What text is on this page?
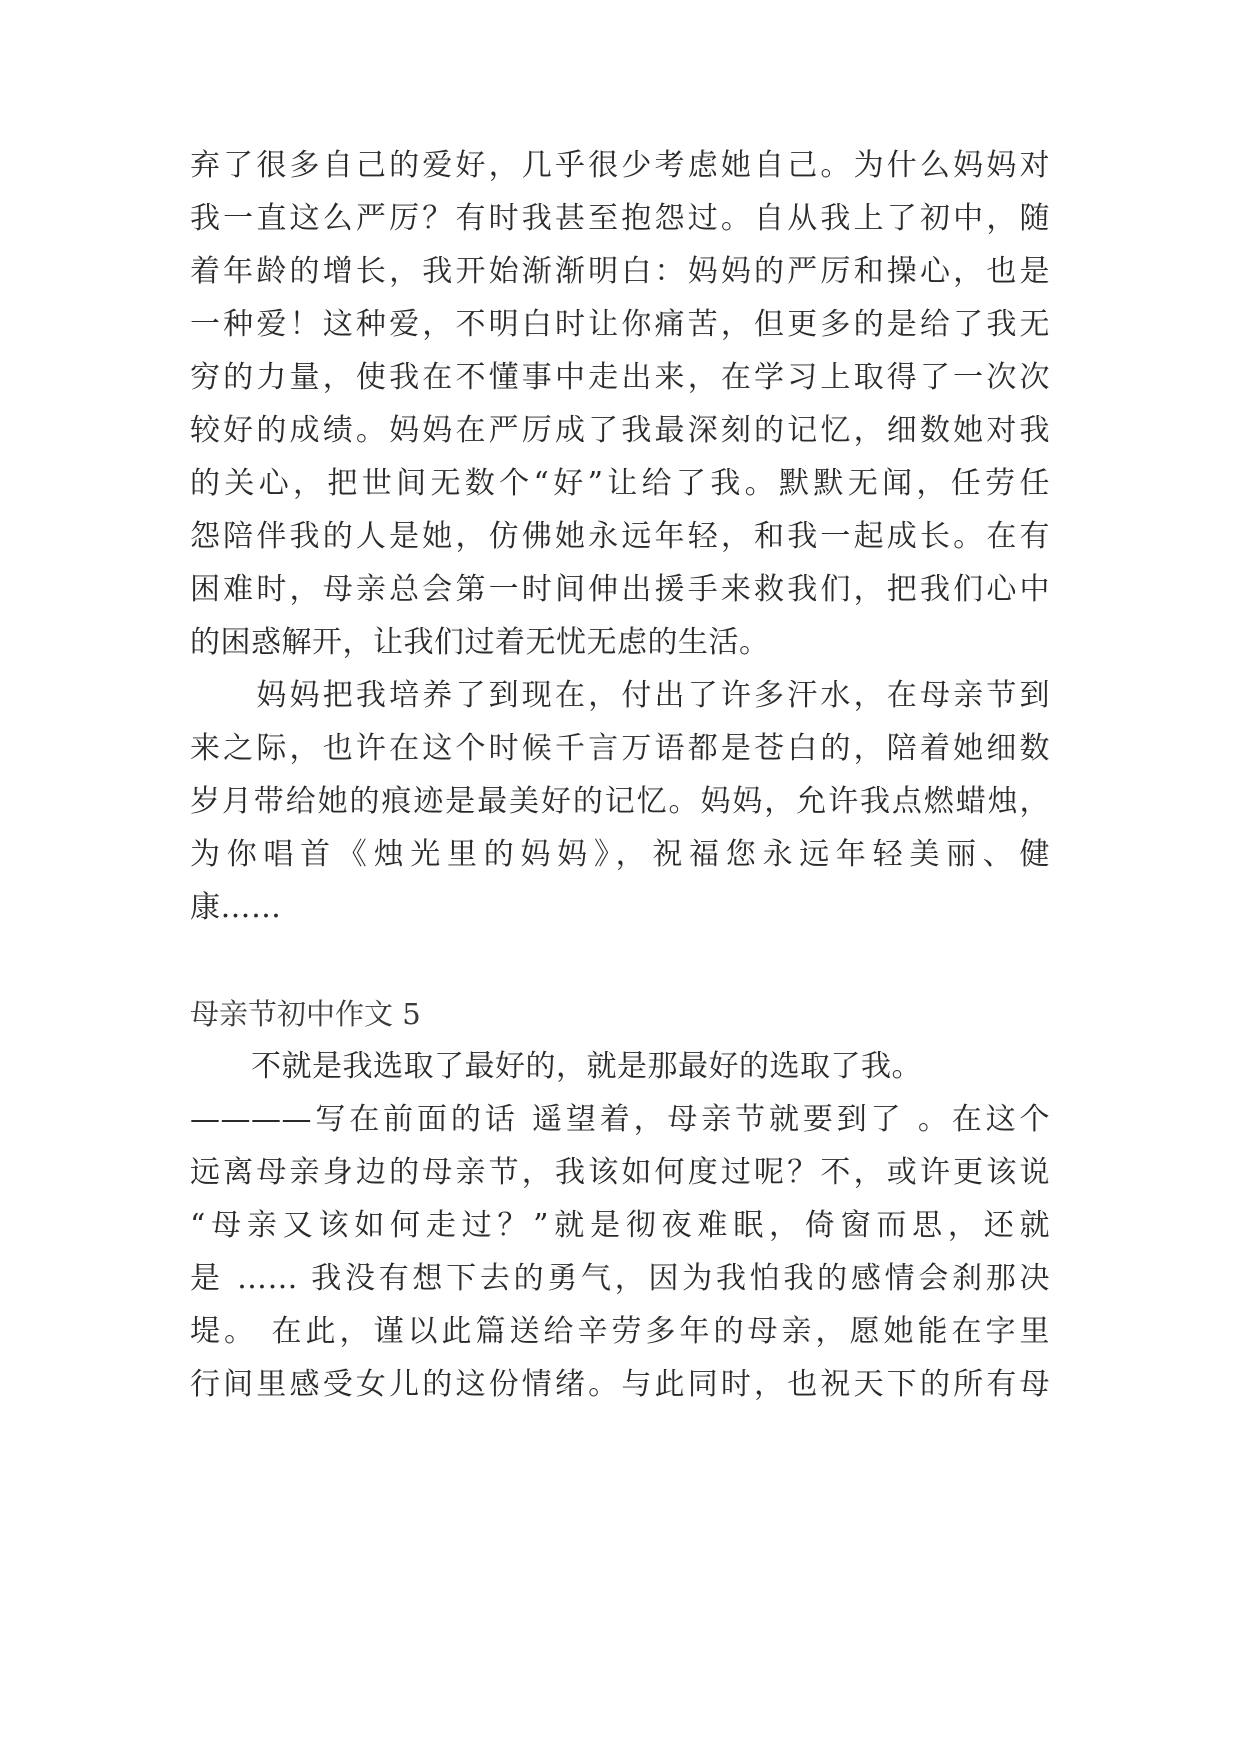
弃了很多自己的爱好，几乎很少考虑她自己。为什么妈妈对
我一直这么严厉？有时我甚至抱怨过。自从我上了初中，随
着年龄的增长，我开始渐渐明白：妈妈的严厉和操心，也是
一种爱！这种爱，不明白时让你痛苦，但更多的是给了我无
穷的力量，使我在不懂事中走出来，在学习上取得了一次次
较好的成绩。妈妈在严厉成了我最深刻的记忆，细数她对我
的关心，把世间无数个“好”让给了我。默默无闻，任劳任
怨陪伴我的人是她，仿佛她永远年轻，和我一起成长。在有
困难时，母亲总会第一时间伸出援手来救我们，把我们心中
的困惑解开，让我们过着无忧无虑的生活。
　　妈妈把我培养了到现在，付出了许多汗水，在母亲节到
来之际，也许在这个时候千言万语都是苍白的，陪着她细数
岁月带给她的痕迹是最美好的记忆。妈妈，允许我点燃蜡烛，
为你唱首《烛光里的妈妈》，祝福您永远年轻美丽、健
康……
母亲节初中作文 5
　　不就是我选取了最好的，就是那最好的选取了我。
————写在前面的话 遥望着，母亲节就要到了 。在这个
远离母亲身边的母亲节，我该如何度过呢？不，或许更该说
“母亲又该如何走过？”就是彻夜难眠，倚窗而思，还就
是 …… 我没有想下去的勇气，因为我怕我的感情会刹那决
堤。 在此，谨以此篇送给辛劳多年的母亲，愿她能在字里
行间里感受女儿的这份情绪。与此同时，也祝天下的所有母
